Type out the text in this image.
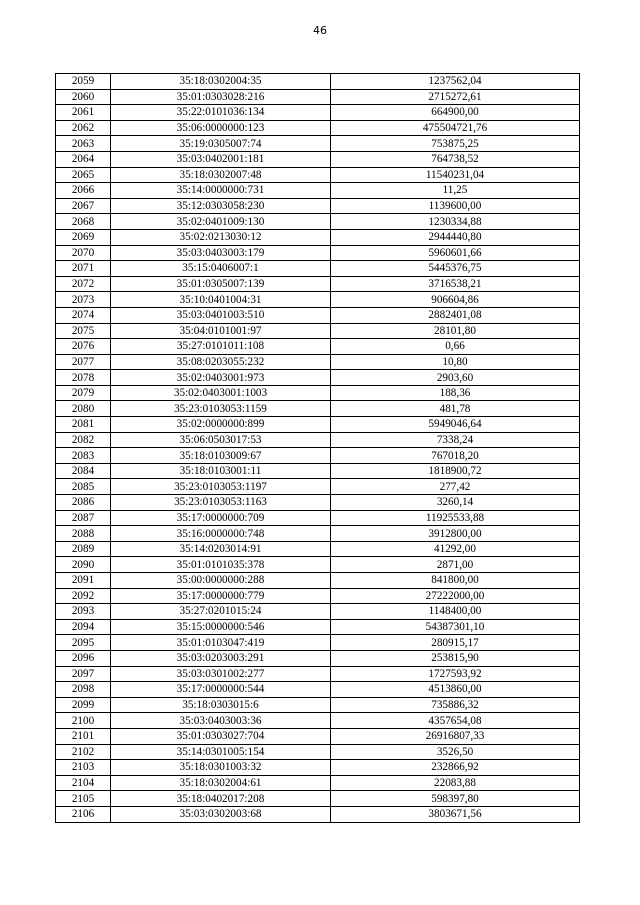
46
2059	35:18:0302004:35	1237562,04
2060	35:01:0303028:216	2715272,61
2061	35:22:0101036:134	664900,00
2062	35:06:0000000:123	475504721,76
2063	35:19:0305007:74	753875,25
2064	35:03:0402001:181	764738,52
2065	35:18:0302007:48	11540231,04
2066	35:14:0000000:731	11,25
2067	35:12:0303058:230	1139600,00
2068	35:02:0401009:130	1230334,88
2069	35:02:0213030:12	2944440,80
2070	35:03:0403003:179	5960601,66
2071	35:15:0406007:1	5445376,75
2072	35:01:0305007:139	3716538,21
2073	35:10:0401004:31	906604,86
2074	35:03:0401003:510	2882401,08
2075	35:04:0101001:97	28101,80
2076	35:27:0101011:108	0,66
2077	35:08:0203055:232	10,80
2078	35:02:0403001:973	2903,60
2079	35:02:0403001:1003	188,36
2080	35:23:0103053:1159	481,78
2081	35:02:0000000:899	5949046,64
2082	35:06:0503017:53	7338,24
2083	35:18:0103009:67	767018,20
2084	35:18:0103001:11	1818900,72
2085	35:23:0103053:1197	277,42
2086	35:23:0103053:1163	3260,14
2087	35:17:0000000:709	11925533,88
2088	35:16:0000000:748	3912800,00
2089	35:14:0203014:91	41292,00
2090	35:01:0101035:378	2871,00
2091	35:00:0000000:288	841800,00
2092	35:17:0000000:779	27222000,00
2093	35:27:0201015:24	1148400,00
2094	35:15:0000000:546	54387301,10
2095	35:01:0103047:419	280915,17
2096	35:03:0203003:291	253815,90
2097	35:03:0301002:277	1727593,92
2098	35:17:0000000:544	4513860,00
2099	35:18:0303015:6	735886,32
2100	35:03:0403003:36	4357654,08
2101	35:01:0303027:704	26916807,33
2102	35:14:0301005:154	3526,50
2103	35:18:0301003:32	232866,92
2104	35:18:0302004:61	22083,88
2105	35:18:0402017:208	598397,80
2106	35:03:0302003:68	3803671,56
